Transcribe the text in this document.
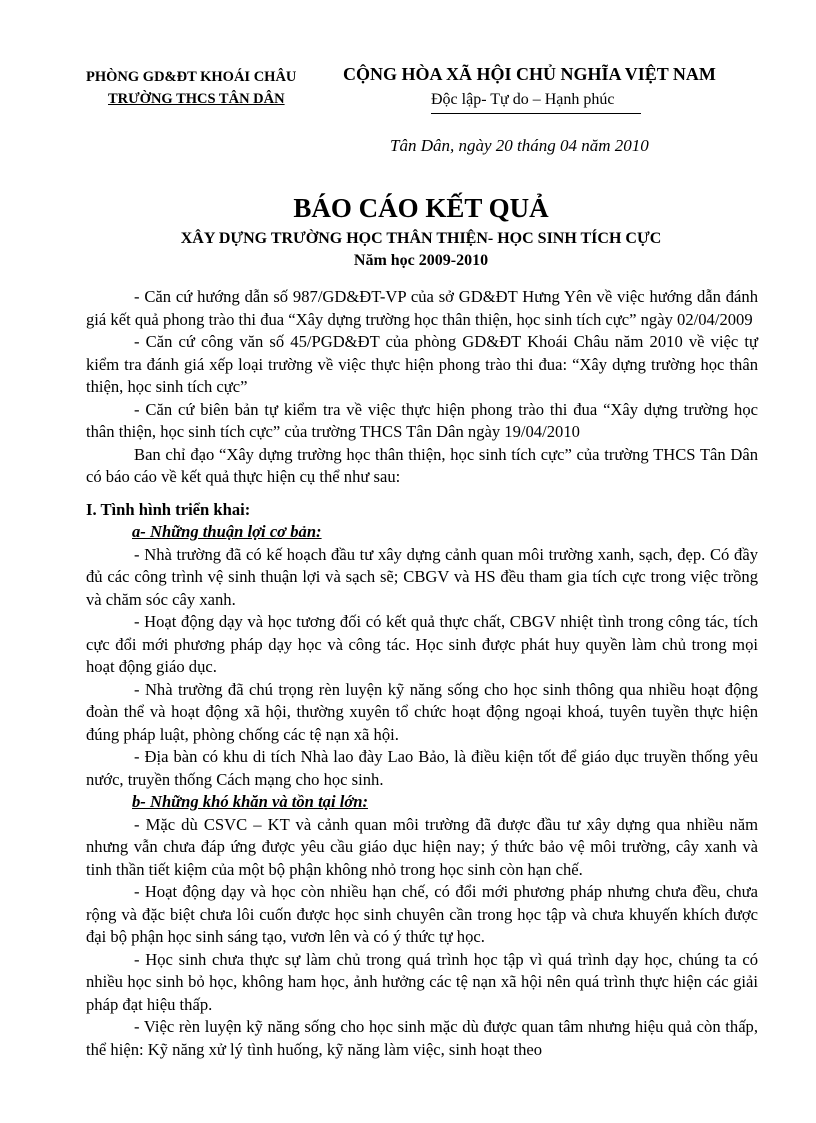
PHÒNG GD&ĐT KHOÁI CHÂU
TRƯỜNG THCS TÂN DÂN
CỘNG HÒA XÃ HỘI CHỦ NGHĨA VIỆT NAM
Độc lập- Tự do – Hạnh phúc
Tân Dân, ngày 20 tháng 04 năm 2010
BÁO CÁO KẾT QUẢ
XÂY DỰNG TRƯỜNG HỌC THÂN THIỆN- HỌC SINH TÍCH CỰC
Năm học 2009-2010

- Căn cứ hướng dẫn số 987/GD&ĐT-VP của sở GD&ĐT Hưng Yên về việc hướng dẫn đánh giá kết quả phong trào thi đua “Xây dựng trường học thân thiện, học sinh tích cực” ngày 02/04/2009

- Căn cứ công văn số 45/PGD&ĐT của phòng GD&ĐT Khoái Châu năm 2010 về việc tự kiểm tra đánh giá xếp loại trường về việc thực hiện phong trào thi đua: “Xây dựng trường học thân thiện, học sinh tích cực”

- Căn cứ biên bản tự kiểm tra về việc thực hiện phong trào thi đua “Xây dựng trường học thân thiện, học sinh tích cực” của trường THCS Tân Dân ngày 19/04/2010

Ban chỉ đạo “Xây dựng trường học thân thiện, học sinh tích cực” của trường THCS Tân Dân có báo cáo về kết quả thực hiện cụ thể như sau:

I. Tình hình triển khai:

a- Những thuận lợi cơ bản:

- Nhà trường đã có kế hoạch đầu tư xây dựng cảnh quan môi trường xanh, sạch, đẹp. Có đầy đủ các công trình vệ sinh thuận lợi và sạch sẽ; CBGV và HS đều tham gia tích cực trong việc trồng và chăm sóc cây xanh.

- Hoạt động dạy và học tương đối có kết quả thực chất, CBGV nhiệt tình trong công tác, tích cực đổi mới phương pháp dạy học và công tác. Học sinh được phát huy quyền làm chủ trong mọi hoạt động giáo dục.

- Nhà trường đã chú trọng rèn luyện kỹ năng sống cho học sinh thông qua nhiều hoạt động đoàn thể và hoạt động xã hội, thường xuyên tổ chức hoạt động ngoại khoá, tuyên tuyền thực hiện đúng pháp luật, phòng chống các tệ nạn xã hội.

- Địa bàn có khu di tích Nhà lao đày Lao Bảo, là điều kiện tốt để giáo dục truyền thống yêu nước, truyền thống Cách mạng cho học sinh.

b- Những khó khăn và tồn tại lớn:

- Mặc dù CSVC – KT và cảnh quan môi trường đã được đầu tư xây dựng qua nhiều năm nhưng vẫn chưa đáp ứng được yêu cầu giáo dục hiện nay; ý thức bảo vệ môi trường, cây xanh và tinh thần tiết kiệm của một bộ phận không nhỏ trong học sinh còn hạn chế.

- Hoạt động dạy và học còn nhiều hạn chế, có đổi mới phương pháp nhưng chưa đều, chưa rộng và đặc biệt chưa lôi cuốn được học sinh chuyên cần trong học tập và chưa khuyến khích được đại bộ phận học sinh sáng tạo, vươn lên và có ý thức tự học.

- Học sinh chưa thực sự làm chủ trong quá trình học tập vì quá trình dạy học, chúng ta có nhiều học sinh bỏ học, không ham học, ảnh hưởng các tệ nạn xã hội nên quá trình thực hiện các giải pháp đạt hiệu thấp.

- Việc rèn luyện kỹ năng sống cho học sinh mặc dù được quan tâm nhưng hiệu quả còn thấp, thể hiện: Kỹ năng xử lý tình huống, kỹ năng làm việc, sinh hoạt theo
